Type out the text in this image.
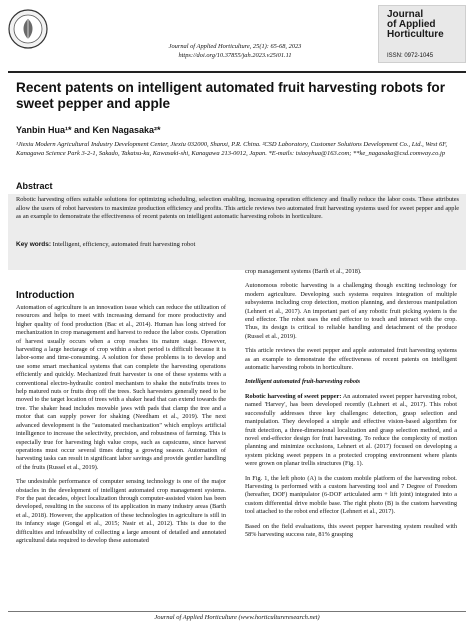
Journal of Applied Horticulture, 25(1): 65-68, 2023
https://doi.org/10.37855/jah.2023.v25i01.11
Journal
of Applied
Horticulture
ISSN: 0972-1045
Recent patents on intelligent automated fruit harvesting robots for sweet pepper and apple
Yanbin Hua¹* and Ken Nagasaka²*
¹Jiexiu Modern Agricultural Industry Development Center, Jiexiu 032000, Shanxi, P.R. China. ²CSD Laboratory, Customer Solutions Development Co., Ltd., West 6F, Kanagawa Science Park 3-2-1, Sakado, Takatsu-ku, Kawasaki-shi, Kanagawa 213-0012, Japan. *E-mails: tsiaoyhua@163.com; **ke_nagasaka@csd.comway.co.jp
Abstract
Robotic harvesting offers suitable solutions for optimizing scheduling, selection enabling, increasing operation efficiency and finally reduce the labor costs. These attributes allow the users of robot harvesters to maximize production efficiency and profits. This article reviews two automated fruit harvesting systems used for sweet pepper and apple as an example to demonstrate the effectiveness of recent patents on intelligent automatic harvesting robots in horticulture.
Key words: Intelligent, efficiency, automated fruit harvesting robot
Introduction

Automation of agriculture is an innovation issue which can reduce the utilization of resources and helps to meet with increasing demand for more productivity and higher quality of food production (Bac et al., 2014). Human has long strived for mechanization in crop management and harvest to reduce the labor costs. Operation of harvest usually occurs when a crop reaches its mature stage. However, harvesting a large hectarage of crop within a short period is difficult because it is labor-some and time-consuming. A solution for these problems is to develop and use some smart mechanical systems that can complete the harvesting operations efficiently and quickly. Mechanized fruit harvester is one of these systems with a conventional electro-hydraulic control mechanism to shake the nuts/fruits trees to help matured nuts or fruits drop off the trees. Such harvesters generally need to be moved to the target location of trees with a shaker head that can extend towards the tree. The shaker head includes movable jaws with pads that clamp the tree and a motor that can supply power for shaking (Needham et al., 2019). The next advanced development is the "automated mechanization" which employs artificial intelligence to increase the selectivity, precision, and robustness of farming. This is especially true for harvesting high value crops, such as capsicums, since harvest operations must occur several times during a growing season. Automation of harvesting tasks can result in significant labor savings and provide gentler handling of the fruits (Russel et al., 2019).

The undesirable performance of computer sensing technology is one of the major obstacles in the development of intelligent automated crop management systems. For the past decades, object localization through computer-assisted vision has been developed, resulting in the success of its application in many industry areas (Barth et al., 2018). However, the application of these technologies in agriculture is still in its infancy stage (Gongal et al., 2015; Nasir et al., 2012). This is due to the difficulties and infeasibility of collecting a large amount of detailed and annotated agricultural data required to develop these automated

crop management systems (Barth et al., 2018).

Autonomous robotic harvesting is a challenging though exciting technology for modern agriculture. Developing such systems requires integration of multiple subsystems including crop detection, motion planning, and dexterous manipulation (Lehnert et al., 2017). An important part of any robotic fruit picking system is the end effector. The robot uses the end effector to touch and interact with the crop. Thus, its design is critical to reliable handling and detachment of the produce (Russel et al., 2019).

This article reviews the sweet pepper and apple automated fruit harvesting systems as an example to demonstrate the effectiveness of recent patents on intelligent automatic harvesting robots in horticulture.

Intelligent automated fruit-harvesting robots

Robotic harvesting of sweet pepper: An automated sweet pepper harvesting robot, named 'Harvey', has been developed recently (Lehnert et al., 2017). This robot successfully addresses three key challenges: detection, grasp selection and manipulation. They developed a simple and effective vision-based algorithm for fruit detection, a three-dimensional localization and grasp selection method, and a novel end-effector design for fruit harvesting. To reduce the complexity of motion planning and minimize occlusions, Lehnert et al. (2017) focused on developing a system picking sweet peppers in a protected cropping environment where plants were grown on planar trellis structures (Fig. 1).

In Fig. 1, the left photo (A) is the custom mobile platform of the harvesting robot. Harvesting is performed with a custom harvesting tool and 7 Degree of Freedom (hereafter, DOF) manipulator (6-DOF articulated arm + lift joint) integrated into a custom differential drive mobile base. The right photo (B) is the custom harvesting tool attached to the robot end effector (Lehnert et al., 2017).

Based on the field evaluations, this sweet pepper harvesting system resulted with 58% harvesting success rate, 81% grasping

Journal of Applied Horticulture (www.horticultureresearch.net)
